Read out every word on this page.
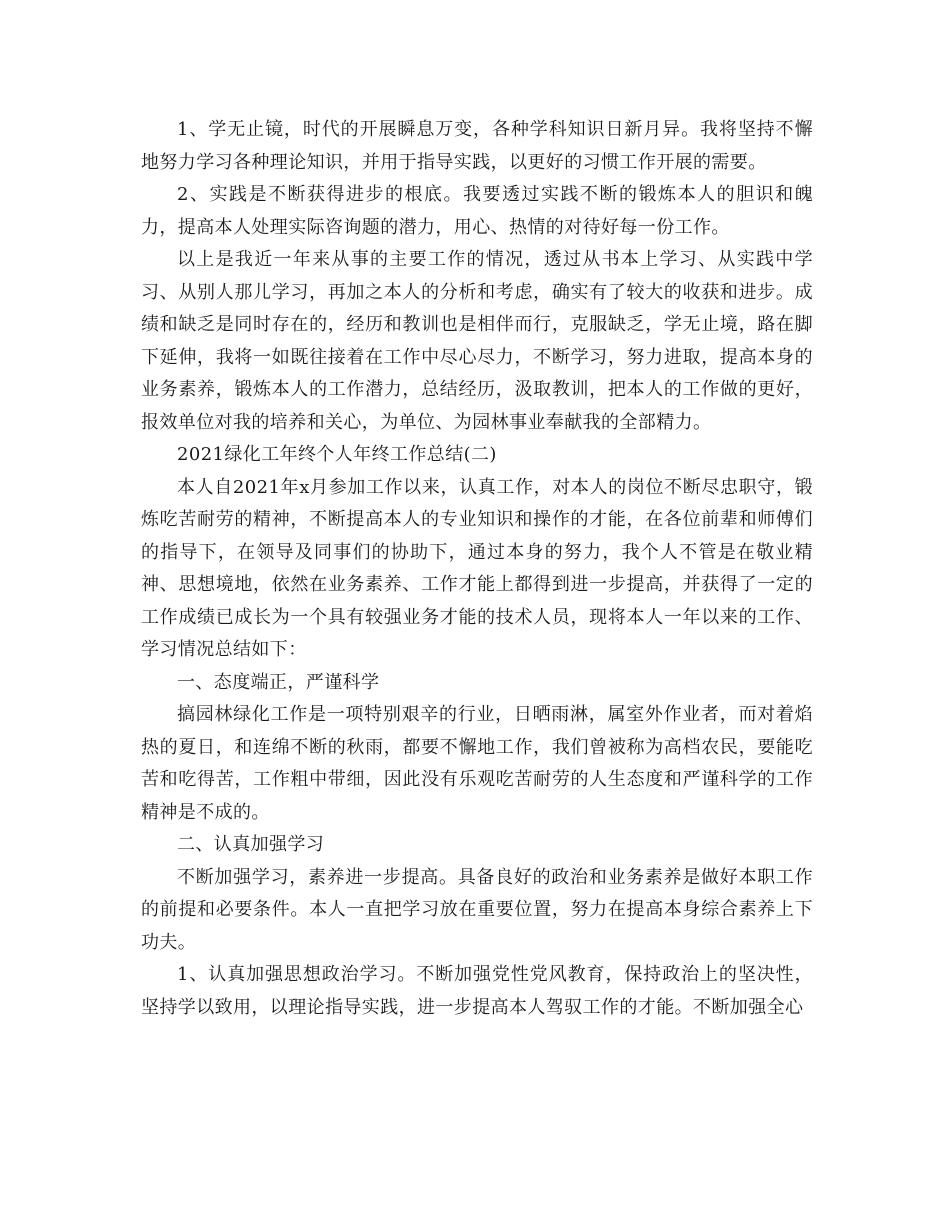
1、学无止镜，时代的开展瞬息万变，各种学科知识日新月异。我将坚持不懈地努力学习各种理论知识，并用于指导实践，以更好的习惯工作开展的需要。

2、实践是不断获得进步的根底。我要透过实践不断的锻炼本人的胆识和魄力，提高本人处理实际咨询题的潜力，用心、热情的对待好每一份工作。

以上是我近一年来从事的主要工作的情况，透过从书本上学习、从实践中学习、从别人那儿学习，再加之本人的分析和考虑，确实有了较大的收获和进步。成绩和缺乏是同时存在的，经历和教训也是相伴而行，克服缺乏，学无止境，路在脚下延伸，我将一如既往接着在工作中尽心尽力，不断学习，努力进取，提高本身的业务素养，锻炼本人的工作潜力，总结经历，汲取教训，把本人的工作做的更好，报效单位对我的培养和关心，为单位、为园林事业奉献我的全部精力。

2021绿化工年终个人年终工作总结(二)

本人自2021年x月参加工作以来，认真工作，对本人的岗位不断尽忠职守，锻炼吃苦耐劳的精神，不断提高本人的专业知识和操作的才能，在各位前辈和师傅们的指导下，在领导及同事们的协助下，通过本身的努力，我个人不管是在敬业精神、思想境地，依然在业务素养、工作才能上都得到进一步提高，并获得了一定的工作成绩已成长为一个具有较强业务才能的技术人员，现将本人一年以来的工作、学习情况总结如下：

一、态度端正，严谨科学

搞园林绿化工作是一项特别艰辛的行业，日晒雨淋，属室外作业者，而对着焰热的夏日，和连绵不断的秋雨，都要不懈地工作，我们曾被称为高档农民，要能吃苦和吃得苦，工作粗中带细，因此没有乐观吃苦耐劳的人生态度和严谨科学的工作精神是不成的。

二、认真加强学习

不断加强学习，素养进一步提高。具备良好的政治和业务素养是做好本职工作的前提和必要条件。本人一直把学习放在重要位置，努力在提高本身综合素养上下功夫。

1、认真加强思想政治学习。不断加强党性党风教育，保持政治上的坚决性，坚持学以致用，以理论指导实践，进一步提高本人驾驭工作的才能。不断加强全心
